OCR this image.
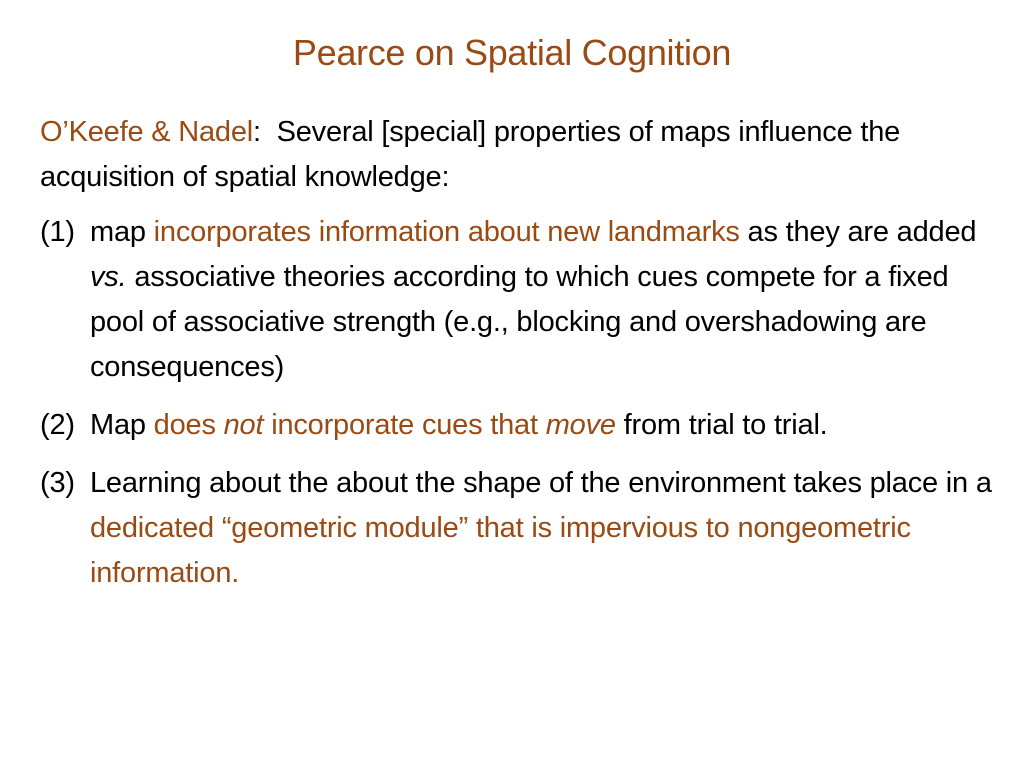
Pearce on Spatial Cognition
O’Keefe & Nadel:  Several [special] properties of maps influence the acquisition of spatial knowledge:
(1) map incorporates information about new landmarks as they are added vs. associative theories according to which cues compete for a fixed pool of associative strength (e.g., blocking and overshadowing are consequences)
(2) Map does not incorporate cues that move from trial to trial.
(3) Learning about the about the shape of the environment takes place in a dedicated “geometric module” that is impervious to nongeometric information.
